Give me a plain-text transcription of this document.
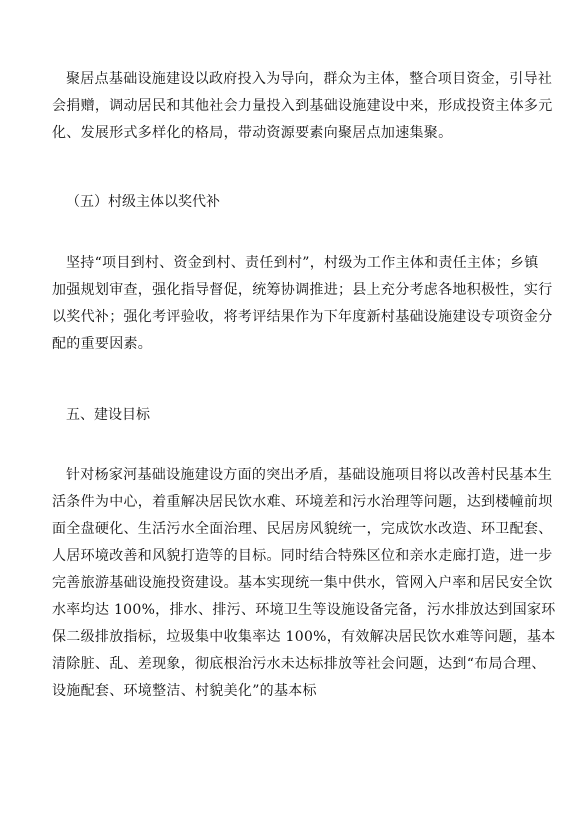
聚居点基础设施建设以政府投入为导向，群众为主体，整合项目资金，引导社
会捐赠，调动居民和其他社会力量投入到基础设施建设中来，形成投资主体多元
化、发展形式多样化的格局，带动资源要素向聚居点加速集聚。
（五）村级主体以奖代补
坚持“项目到村、资金到村、责任到村”，村级为工作主体和责任主体；乡镇
加强规划审查，强化指导督促，统筹协调推进；县上充分考虑各地积极性，实行
以奖代补；强化考评验收，将考评结果作为下年度新村基础设施建设专项资金分
配的重要因素。
五、建设目标
针对杨家河基础设施建设方面的突出矛盾，基础设施项目将以改善村民基本生
活条件为中心，着重解决居民饮水难、环境差和污水治理等问题，达到楼幢前坝
面全盘硬化、生活污水全面治理、民居房风貌统一，完成饮水改造、环卫配套、
人居环境改善和风貌打造等的目标。同时结合特殊区位和亲水走廊打造，进一步
完善旅游基础设施投资建设。基本实现统一集中供水，管网入户率和居民安全饮
水率均达 100%，排水、排污、环境卫生等设施设备完备，污水排放达到国家环
保二级排放指标，垃圾集中收集率达 100%，有效解决居民饮水难等问题，基本
清除脏、乱、差现象，彻底根治污水未达标排放等社会问题，达到“布局合理、
设施配套、环境整洁、村貌美化”的基本标
